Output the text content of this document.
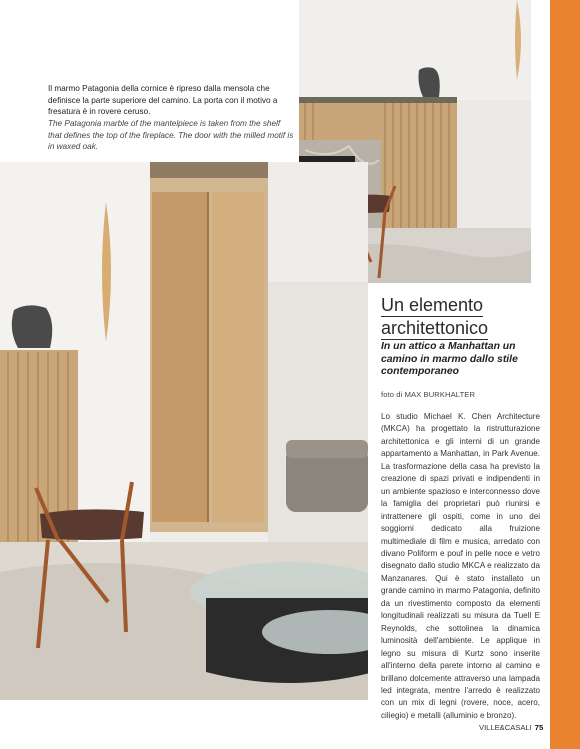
Il marmo Patagonia della cornice è ripreso dalla mensola che definisce la parte superiore del camino. La porta con il motivo a fresatura è in rovere ceruso.
The Patagonia marble of the mantelpiece is taken from the shelf that defines the top of the fireplace. The door with the milled motif is in waxed oak.
Un elemento
architettonico
In un attico a Manhattan un camino in marmo dallo stile contemporaneo
foto di MAX BURKHALTER
Lo studio Michael K. Chen Architecture (MKCA) ha progettato la ristrutturazione architettonica e gli interni di un grande appartamento a Manhattan, in Park Avenue. La trasformazione della casa ha previsto la creazione di spazi privati e indipendenti in un ambiente spazioso e interconnesso dove la famiglia dei proprietari può riunirsi e intrattenere gli ospiti, come in uno dei soggiorni dedicato alla fruizione multimediale di film e musica, arredato con divano Poliform e pouf in pelle noce e vetro disegnato dallo studio MKCA e realizzato da Manzanares. Qui è stato installato un grande camino in marmo Patagonia, definito da un rivestimento composto da elementi longitudinali realizzati su misura da Tuell E Reynolds, che sottolinea la dinamica luminosità dell'ambiente. Le applique in legno su misura di Kurtz sono inserite all'interno della parete intorno al camino e brillano dolcemente attraverso una lampada led integrata, mentre l'arredo è realizzato con un mix di legni (rovere, noce, acero, ciliegio) e metalli (alluminio e bronzo).
VILLE&CASALI 75
